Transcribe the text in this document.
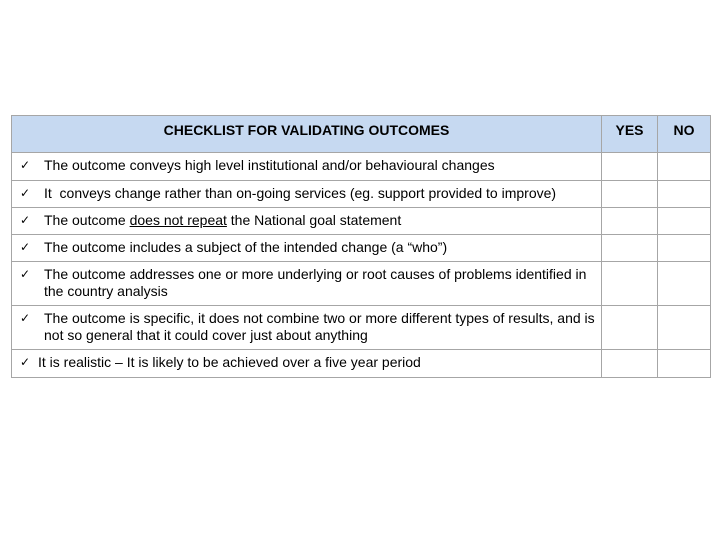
CHECKLIST FOR VALIDATING OUTCOMES	YES	NO

✓ The outcome conveys high level institutional and/or behavioural changes		

✓ It  conveys change rather than on-going services (eg. support provided to improve)		

✓ The outcome does not repeat the National goal statement		

✓ The outcome includes a subject of the intended change (a “who”)		

✓ The outcome addresses one or more underlying or root causes of problems identified in the country analysis		

✓ The outcome is specific, it does not combine two or more different types of results, and is not so general that it could cover just about anything		

✓ It is realistic – It is likely to be achieved over a five year period		
